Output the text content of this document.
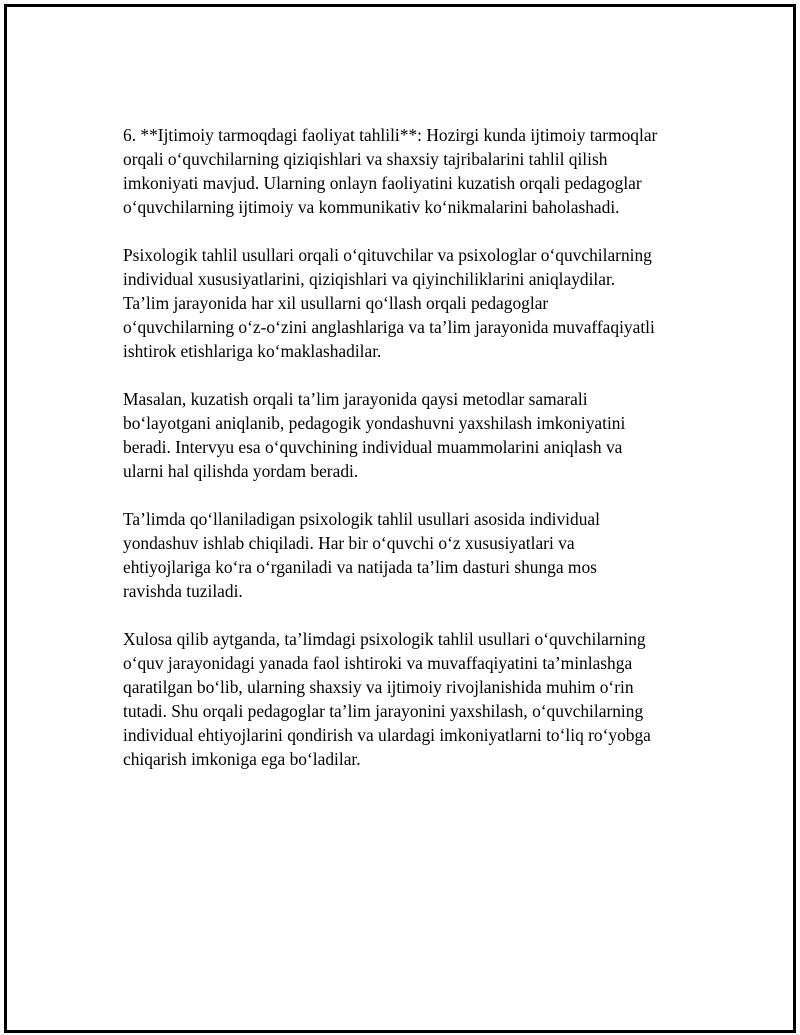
6. **Ijtimoiy tarmoqdagi faoliyat tahlili**: Hozirgi kunda ijtimoiy tarmoqlar
orqali o‘quvchilarning qiziqishlari va shaxsiy tajribalarini tahlil qilish
imkoniyati mavjud. Ularning onlayn faoliyatini kuzatish orqali pedagoglar
o‘quvchilarning ijtimoiy va kommunikativ ko‘nikmalarini baholashadi.

Psixologik tahlil usullari orqali o‘qituvchilar va psixologlar o‘quvchilarning
individual xususiyatlarini, qiziqishlari va qiyinchiliklarini aniqlaydilar.
Ta’lim jarayonida har xil usullarni qo‘llash orqali pedagoglar
o‘quvchilarning o‘z-o‘zini anglashlariga va ta’lim jarayonida muvaffaqiyatli
ishtirok etishlariga ko‘maklashadilar.

Masalan, kuzatish orqali ta’lim jarayonida qaysi metodlar samarali
bo‘layotgani aniqlanib, pedagogik yondashuvni yaxshilash imkoniyatini
beradi. Intervyu esa o‘quvchining individual muammolarini aniqlash va
ularni hal qilishda yordam beradi.

Ta’limda qo‘llaniladigan psixologik tahlil usullari asosida individual
yondashuv ishlab chiqiladi. Har bir o‘quvchi o‘z xususiyatlari va
ehtiyojlariga ko‘ra o‘rganiladi va natijada ta’lim dasturi shunga mos
ravishda tuziladi.

Xulosa qilib aytganda, ta’limdagi psixologik tahlil usullari o‘quvchilarning
o‘quv jarayonidagi yanada faol ishtiroki va muvaffaqiyatini ta’minlashga
qaratilgan bo‘lib, ularning shaxsiy va ijtimoiy rivojlanishida muhim o‘rin
tutadi. Shu orqali pedagoglar ta’lim jarayonini yaxshilash, o‘quvchilarning
individual ehtiyojlarini qondirish va ulardagi imkoniyatlarni to‘liq ro‘yobga
chiqarish imkoniga ega bo‘ladilar.
